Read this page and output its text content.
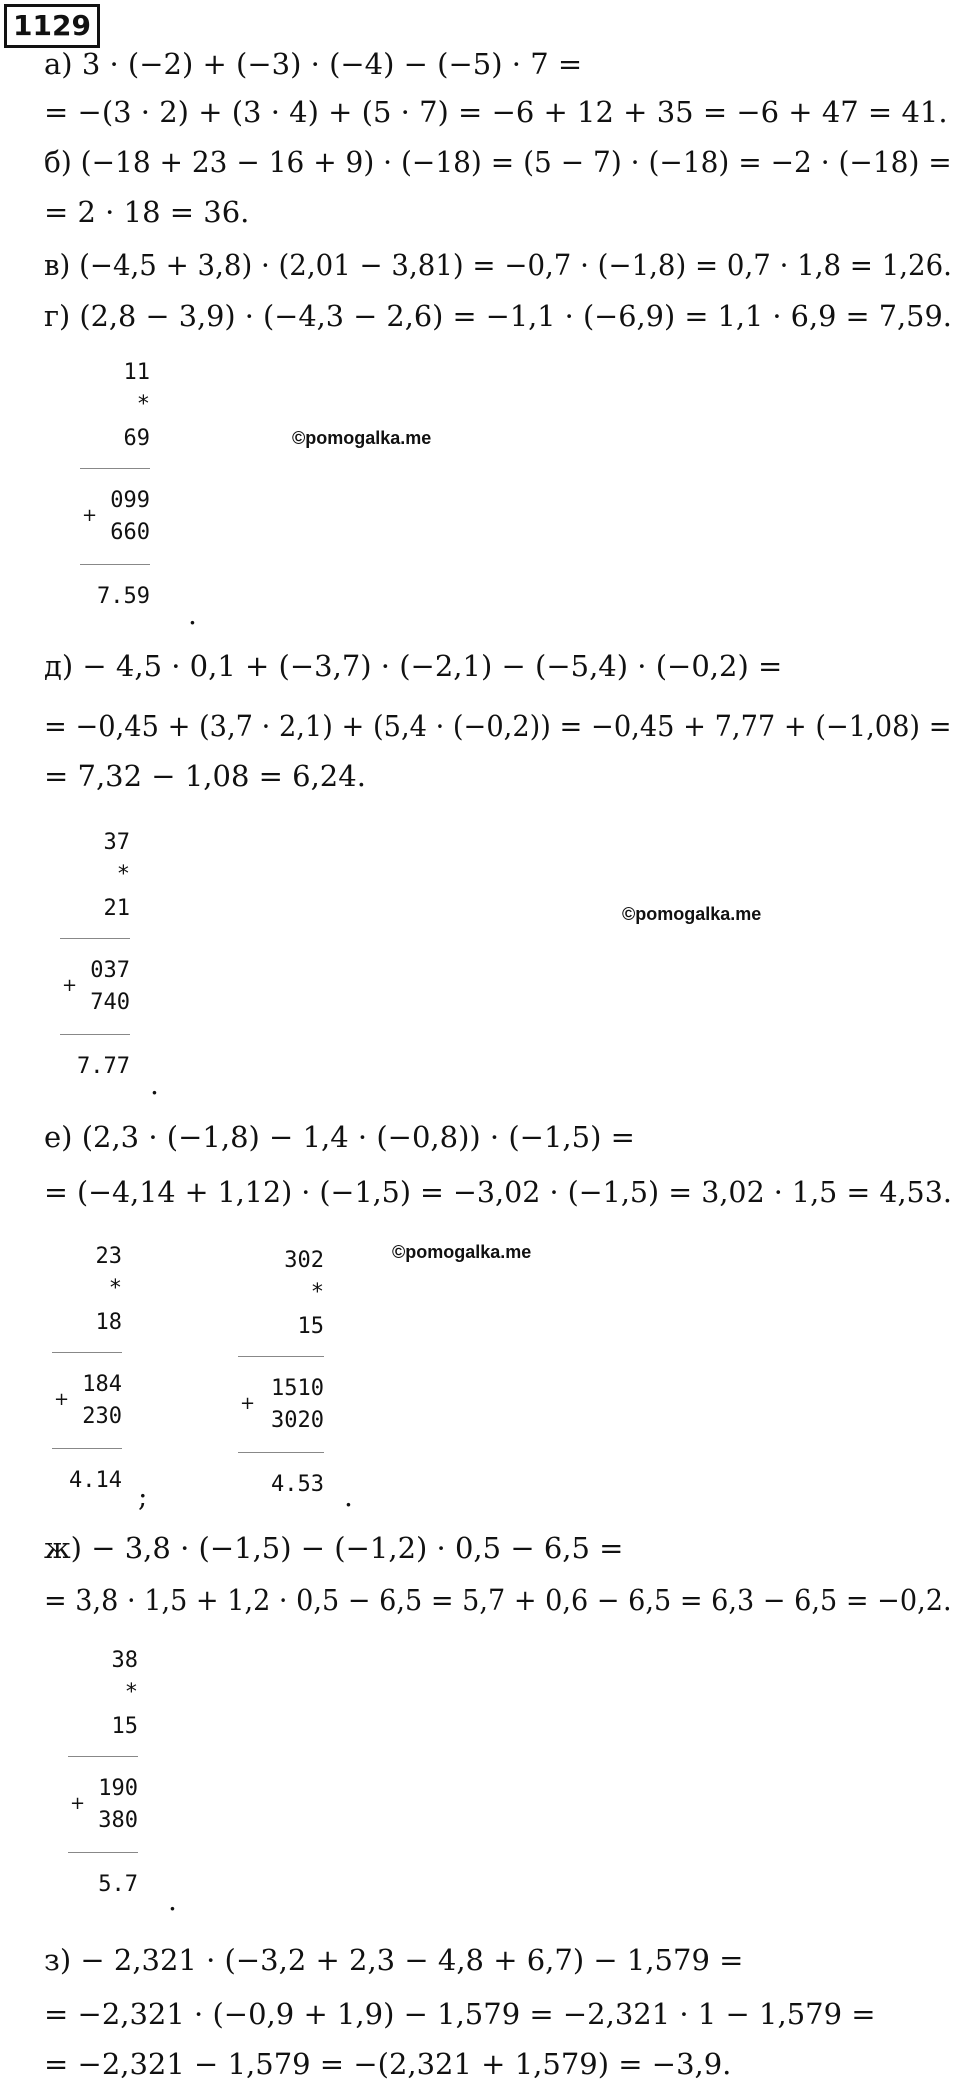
1129
а) 3 · (−2) + (−3) · (−4) − (−5) · 7 =
= −(3 · 2) + (3 · 4) + (5 · 7) = −6 + 12 + 35 = −6 + 47 = 41.
б) (−18 + 23 − 16 + 9) · (−18) = (5 − 7) · (−18) = −2 · (−18) =
= 2 · 18 = 36.
в) (−4,5 + 3,8) · (2,01 − 3,81) = −0,7 · (−1,8) = 0,7 · 1,8 = 1,26.
г) (2,8 − 3,9) · (−4,3 − 2,6) = −1,1 · (−6,9) = 1,1 · 6,9 = 7,59.
11
*
69
099
+
660
7.59
.
©pomogalka.me
д) − 4,5 · 0,1 + (−3,7) · (−2,1) − (−5,4) · (−0,2) =
= −0,45 + (3,7 · 2,1) + (5,4 · (−0,2)) = −0,45 + 7,77 + (−1,08) =
= 7,32 − 1,08 = 6,24.
37
*
21
037
+
740
7.77
.
©pomogalka.me
е) (2,3 · (−1,8) − 1,4 · (−0,8)) · (−1,5) =
= (−4,14 + 1,12) · (−1,5) = −3,02 · (−1,5) = 3,02 · 1,5 = 4,53.
23
*
18
184
+
230
4.14 ;
302
*
15
1510
+
3020
4.53 .
©pomogalka.me
ж) − 3,8 · (−1,5) − (−1,2) · 0,5 − 6,5 =
= 3,8 · 1,5 + 1,2 · 0,5 − 6,5 = 5,7 + 0,6 − 6,5 = 6,3 − 6,5 = −0,2.
38
*
15
190
+
380
5.7 .
з) − 2,321 · (−3,2 + 2,3 − 4,8 + 6,7) − 1,579 =
= −2,321 · (−0,9 + 1,9) − 1,579 = −2,321 · 1 − 1,579 =
= −2,321 − 1,579 = −(2,321 + 1,579) = −3,9.
